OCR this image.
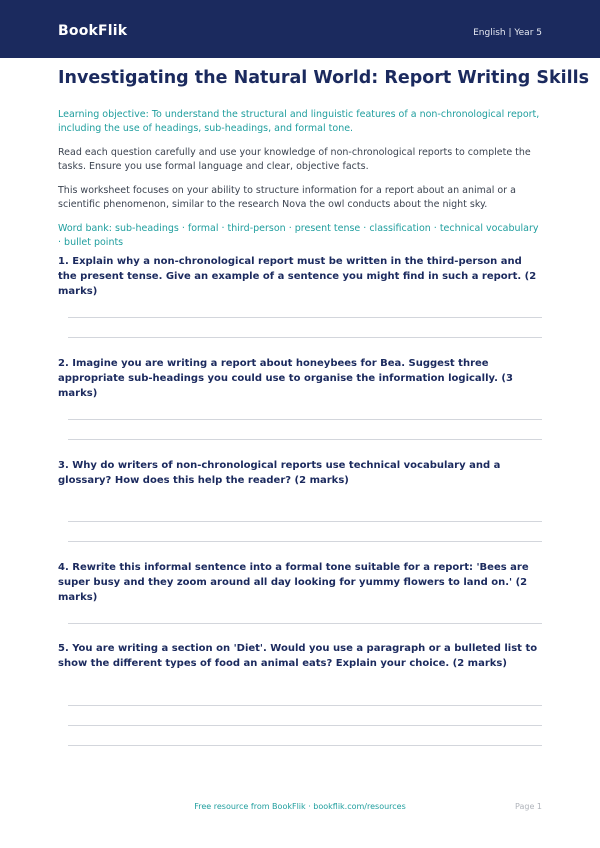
BookFlik	English | Year 5
Investigating the Natural World: Report Writing Skills

Learning objective: To understand the structural and linguistic features of a non-chronological report, including the use of headings, sub-headings, and formal tone.

Read each question carefully and use your knowledge of non-chronological reports to complete the tasks. Ensure you use formal language and clear, objective facts.

This worksheet focuses on your ability to structure information for a report about an animal or a scientific phenomenon, similar to the research Nova the owl conducts about the night sky.

Word bank: sub-headings · formal · third-person · present tense · classification · technical vocabulary · bullet points

1. Explain why a non-chronological report must be written in the third-person and the present tense. Give an example of a sentence you might find in such a report. (2 marks)

2. Imagine you are writing a report about honeybees for Bea. Suggest three appropriate sub-headings you could use to organise the information logically. (3 marks)

3. Why do writers of non-chronological reports use technical vocabulary and a glossary? How does this help the reader? (2 marks)

4. Rewrite this informal sentence into a formal tone suitable for a report: 'Bees are super busy and they zoom around all day looking for yummy flowers to land on.' (2 marks)

5. You are writing a section on 'Diet'. Would you use a paragraph or a bulleted list to show the different types of food an animal eats? Explain your choice. (2 marks)

Free resource from BookFlik · bookflik.com/resources	Page 1
